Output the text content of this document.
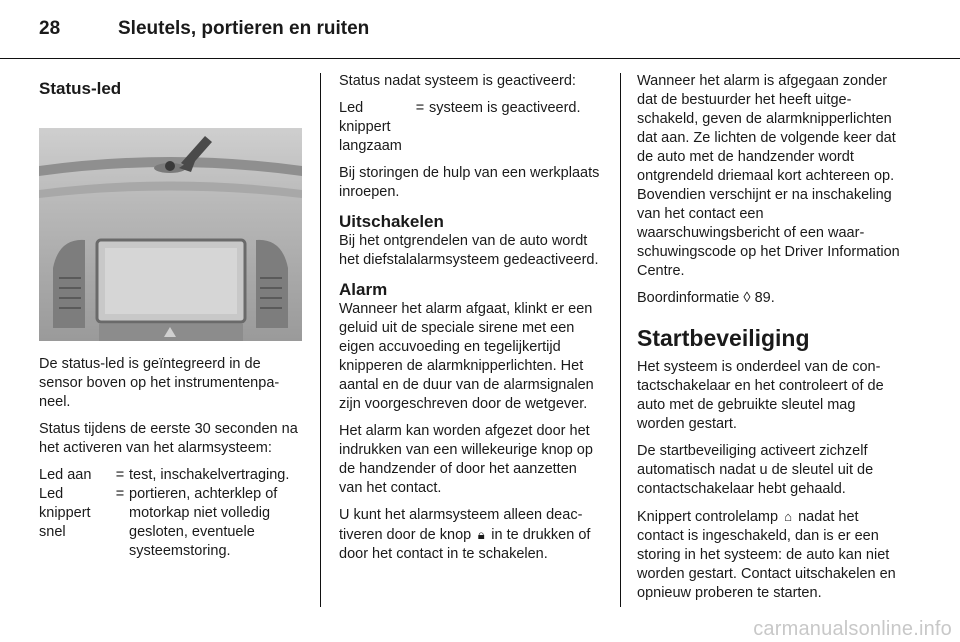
28	Sleutels, portieren en ruiten
Status-led

De status-led is geïntegreerd in de sensor boven op het instrumentenpaneel.

Status tijdens de eerste 30 seconden na het activeren van het alarmsysteem:

Led aan	= test, inschakelvertraging.
Led knippert snel
= portieren, achterklep of motorkap niet volledig gesloten, eventuele systeemstoring.

Status nadat systeem is geactiveerd:

Led knippert langzaam
= systeem is geactiveerd.

Bij storingen de hulp van een werkplaats inroepen.

Uitschakelen

Bij het ontgrendelen van de auto wordt het diefstalalarmsysteem gedeactiveerd.

Alarm

Wanneer het alarm afgaat, klinkt er een geluid uit de speciale sirene met een eigen accuvoeding en tegelijkertijd knipperen de alarmknipperlichten. Het aantal en de duur van de alarmsignalen zijn voorgeschreven door de wetgever.

Het alarm kan worden afgezet door het indrukken van een willekeurige knop op de handzender of door het aanzetten van het contact.

U kunt het alarmsysteem alleen deactiveren door de knop 🔒︎ in te drukken of door het contact in te schakelen.

Wanneer het alarm is afgegaan zonder dat de bestuurder het heeft uitgeschakeld, geven de alarmknipperlichten dat aan. Ze lichten de volgende keer dat de auto met de handzender wordt ontgrendeld driemaal kort achtereen op. Bovendien verschijnt er na inschakeling van het contact een waarschuwingsbericht of een waarschuwingscode op het Driver Information Centre.

Boordinformatie ◊ 89.

Startbeveiliging

Het systeem is onderdeel van de contactschakelaar en het controleert of de auto met de gebruikte sleutel mag worden gestart.

De startbeveiliging activeert zichzelf automatisch nadat u de sleutel uit de contactschakelaar hebt gehaald.

Knippert controlelamp ⌂ nadat het contact is ingeschakeld, dan is er een storing in het systeem: de auto kan niet worden gestart. Contact uitschakelen en opnieuw proberen te starten.

carmanualsonline.info
